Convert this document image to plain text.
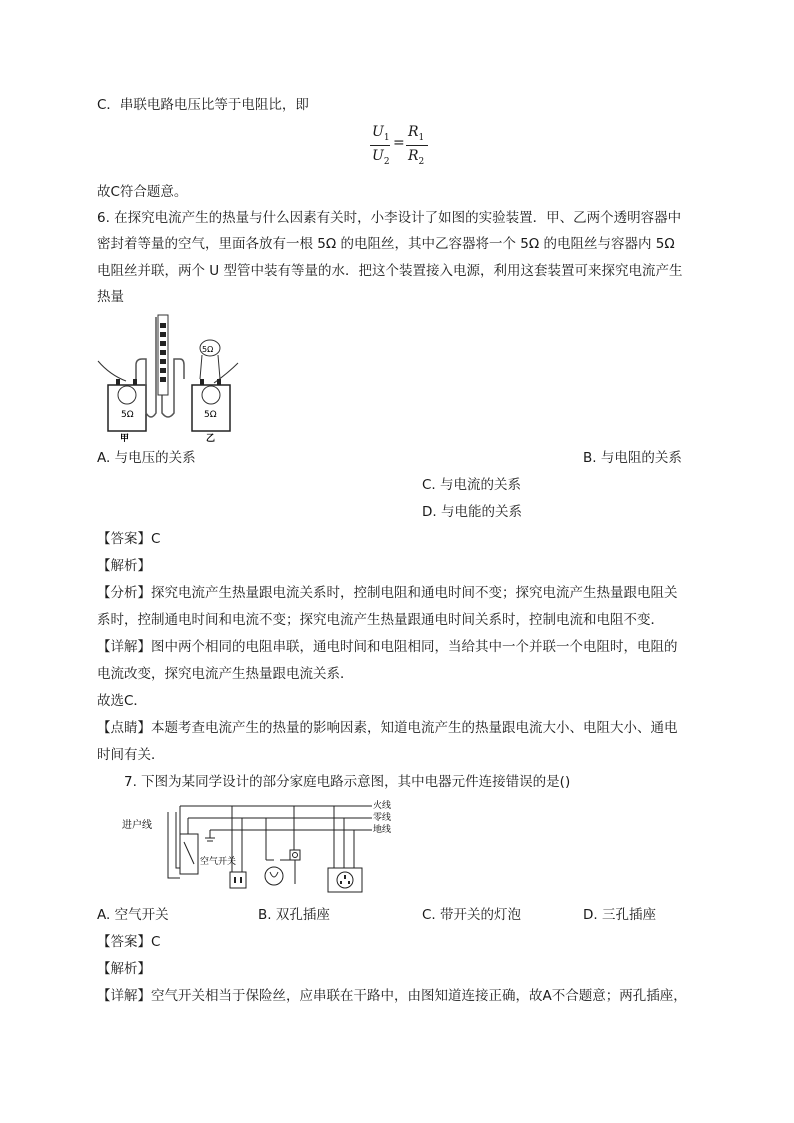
C．串联电路电压比等于电阻比，即
$U_1$
$U_2$
=
$R_1$
$R_2$
故C符合题意。
6. 在探究电流产生的热量与什么因素有关时，小李设计了如图的实验装置．甲、乙两个透明容器中
密封着等量的空气，里面各放有一根 5Ω 的电阻丝，其中乙容器将一个 5Ω 的电阻丝与容器内 5Ω
电阻丝并联，两个 U 型管中装有等量的水．把这个装置接入电源，利用这套装置可来探究电流产生
热量
5Ω
甲
5Ω
乙
5Ω
A. 与电压的关系	B. 与电阻的关系
C. 与电流的关系
D. 与电能的关系
【答案】C
【解析】
【分析】探究电流产生热量跟电流关系时，控制电阻和通电时间不变；探究电流产生热量跟电阻关
系时，控制通电时间和电流不变；探究电流产生热量跟通电时间关系时，控制电流和电阻不变．
【详解】图中两个相同的电阻串联，通电时间和电阻相同，当给其中一个并联一个电阻时，电阻的
电流改变，探究电流产生热量跟电流关系．
故选C．
【点睛】本题考查电流产生的热量的影响因素，知道电流产生的热量跟电流大小、电阻大小、通电
时间有关．
7. 下图为某同学设计的部分家庭电路示意图，其中电器元件连接错误的是()
进户线
火线
零线
地线
空气开关
A. 空气开关	B. 双孔插座	C. 带开关的灯泡	D. 三孔插座
【答案】C
【解析】
【详解】空气开关相当于保险丝，应串联在干路中，由图知道连接正确，故A不合题意；两孔插座，
